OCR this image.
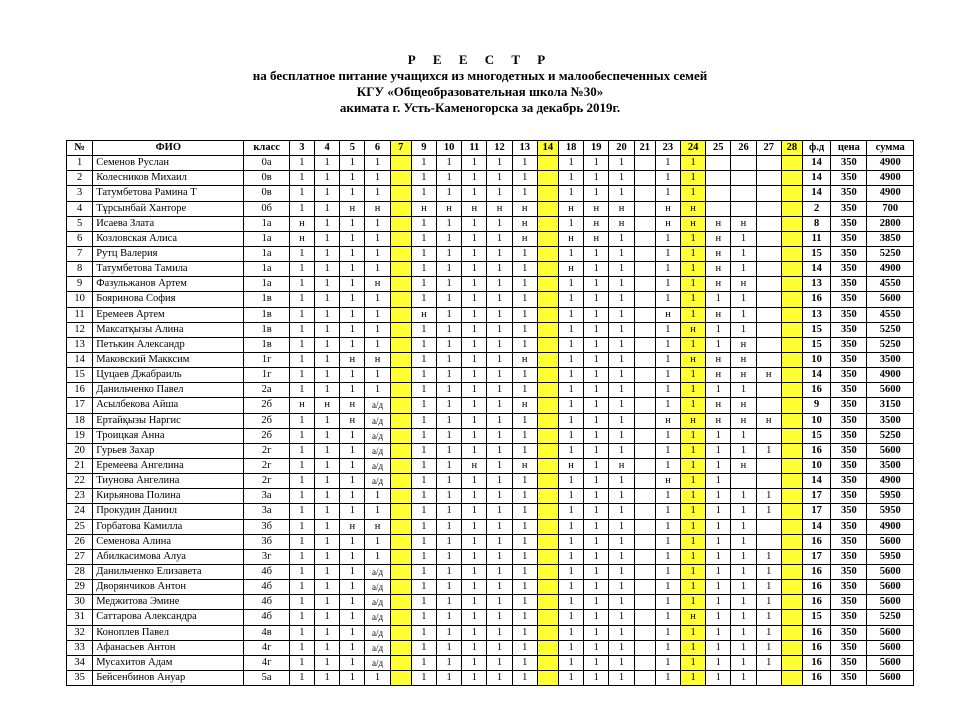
Р Е Е С Т Р
на бесплатное питание учащихся из многодетных и малообеспеченных семей
КГУ «Общеобразовательная школа №30»
акимата г. Усть-Каменогорска за декабрь 2019г.
№	ФИО	класс	3	4	5	6	7	9	10	11	12	13	14	18	19	20	21	23	24	25	26	27	28	ф.д	цена	сумма
1	Семенов Руслан	0а	1	1	1	1		1	1	1	1	1		1	1	1		1	1					14	350	4900
2	Колесников Михаил	0в	1	1	1	1		1	1	1	1	1		1	1	1		1	1					14	350	4900
3	Татумбетова Рамина Т	0в	1	1	1	1		1	1	1	1	1		1	1	1		1	1					14	350	4900
4	Тұрсынбай Ханторе	0б	1	1	н	н		н	н	н	н	н		н	н	н		н	н					2	350	700
5	Исаева Злата	1а	н	1	1	1		1	1	1	1	н		1	н	н		н	н	н	н			8	350	2800
6	Козловская Алиса	1а	н	1	1	1		1	1	1	1	н		н	н	1		1	1	н	1			11	350	3850
7	Рутц Валерия	1а	1	1	1	1		1	1	1	1	1		1	1	1		1	1	н	1			15	350	5250
8	Татумбетова Тамила	1а	1	1	1	1		1	1	1	1	1		н	1	1		1	1	н	1			14	350	4900
9	Фазульжанов Артем	1а	1	1	1	н		1	1	1	1	1		1	1	1		1	1	н	н			13	350	4550
10	Бояринова София	1в	1	1	1	1		1	1	1	1	1		1	1	1		1	1	1	1			16	350	5600
11	Еремеев Артем	1в	1	1	1	1		н	1	1	1	1		1	1	1		н	1	н	1			13	350	4550
12	Максатқызы Алина	1в	1	1	1	1		1	1	1	1	1		1	1	1		1	н	1	1			15	350	5250
13	Петькин Александр	1в	1	1	1	1		1	1	1	1	1		1	1	1		1	1	1	н			15	350	5250
14	Маковский Макксим	1г	1	1	н	н		1	1	1	1	н		1	1	1		1	н	н	н			10	350	3500
15	Цуцаев Джабраиль	1г	1	1	1	1		1	1	1	1	1		1	1	1		1	1	н	н	н		14	350	4900
16	Данильченко Павел	2а	1	1	1	1		1	1	1	1	1		1	1	1		1	1	1	1			16	350	5600
17	Асылбекова Айша	2б	н	н	н	а/д		1	1	1	1	н		1	1	1		1	1	н	н			9	350	3150
18	Ертайқызы Наргис	2б	1	1	н	а/д		1	1	1	1	1		1	1	1		н	н	н	н	н		10	350	3500
19	Троицкая Анна	2б	1	1	1	а/д		1	1	1	1	1		1	1	1		1	1	1	1			15	350	5250
20	Гурьев Захар	2г	1	1	1	а/д		1	1	1	1	1		1	1	1		1	1	1	1	1		16	350	5600
21	Еремеева Ангелина	2г	1	1	1	а/д		1	1	н	1	н		н	1	н		1	1	1	н			10	350	3500
22	Тиунова Ангелина	2г	1	1	1	а/д		1	1	1	1	1		1	1	1		н	1	1				14	350	4900
23	Кирьянова Полина	3а	1	1	1	1		1	1	1	1	1		1	1	1		1	1	1	1	1		17	350	5950
24	Прокудин Даниил	3а	1	1	1	1		1	1	1	1	1		1	1	1		1	1	1	1	1		17	350	5950
25	Горбатова Камилла	3б	1	1	н	н		1	1	1	1	1		1	1	1		1	1	1	1			14	350	4900
26	Семенова Алина	3б	1	1	1	1		1	1	1	1	1		1	1	1		1	1	1	1			16	350	5600
27	Абилкасимова Алуа	3г	1	1	1	1		1	1	1	1	1		1	1	1		1	1	1	1	1		17	350	5950
28	Данильченко Елизавета	4б	1	1	1	а/д		1	1	1	1	1		1	1	1		1	1	1	1	1		16	350	5600
29	Дворянчиков Антон	4б	1	1	1	а/д		1	1	1	1	1		1	1	1		1	1	1	1	1		16	350	5600
30	Меджитова Эмине	4б	1	1	1	а/д		1	1	1	1	1		1	1	1		1	1	1	1	1		16	350	5600
31	Саттарова Александра	4б	1	1	1	а/д		1	1	1	1	1		1	1	1		1	н	1	1	1		15	350	5250
32	Коноплев Павел	4в	1	1	1	а/д		1	1	1	1	1		1	1	1		1	1	1	1	1		16	350	5600
33	Афанасьев Антон	4г	1	1	1	а/д		1	1	1	1	1		1	1	1		1	1	1	1	1		16	350	5600
34	Мусахитов Адам	4г	1	1	1	а/д		1	1	1	1	1		1	1	1		1	1	1	1	1		16	350	5600
35	Бейсенбинов Ануар	5а	1	1	1	1		1	1	1	1	1		1	1	1		1	1	1	1			16	350	5600
